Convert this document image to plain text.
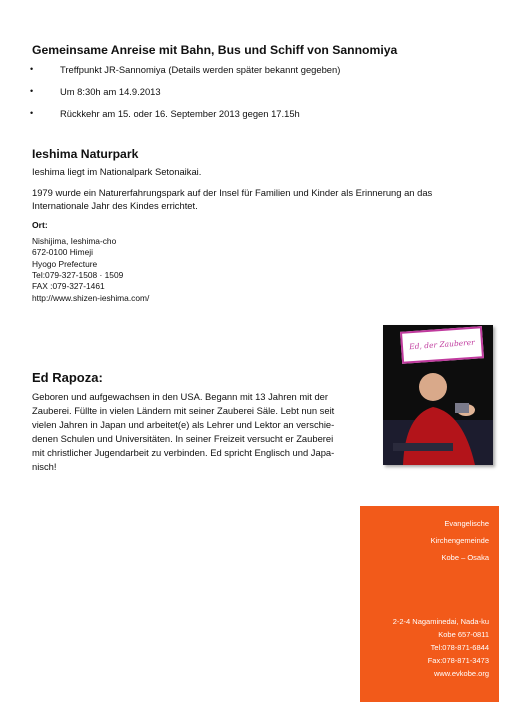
Gemeinsame Anreise mit Bahn, Bus und Schiff von Sannomiya
•	Treffpunkt JR-Sannomiya (Details werden später bekannt gegeben)
•	Um 8:30h am 14.9.2013
•	Rückkehr am 15. oder 16. September 2013 gegen 17.15h
Ieshima Naturpark
Ieshima liegt im Nationalpark Setonaikai.
1979 wurde ein Naturerfahrungspark auf der Insel für Familien und Kinder als Erinnerung an das
Internationale Jahr des Kindes errichtet.
Ort:
Nishijima, Ieshima-cho
672-0100 Himeji
Hyogo Prefecture
Tel:079-327-1508 · 1509
FAX :079-327-1461
http://www.shizen-ieshima.com/
Ed, der Zauberer
Ed Rapoza:
Geboren und aufgewachsen in den USA. Begann mit 13 Jahren mit der
Zauberei. Füllte in vielen Ländern mit seiner Zauberei Säle. Lebt nun seit
vielen Jahren in Japan und arbeitet(e) als Lehrer und Lektor an verschie-
denen Schulen und Universitäten. In seiner Freizeit versucht er Zauberei
mit christlicher Jugendarbeit zu verbinden. Ed spricht Englisch und Japa-
nisch!
Evangelische
Kirchengemeinde
Kobe – Osaka
2-2-4 Nagaminedai, Nada-ku
Kobe 657-0811
Tel:078-871-6844
Fax:078-871-3473
www.evkobe.org
